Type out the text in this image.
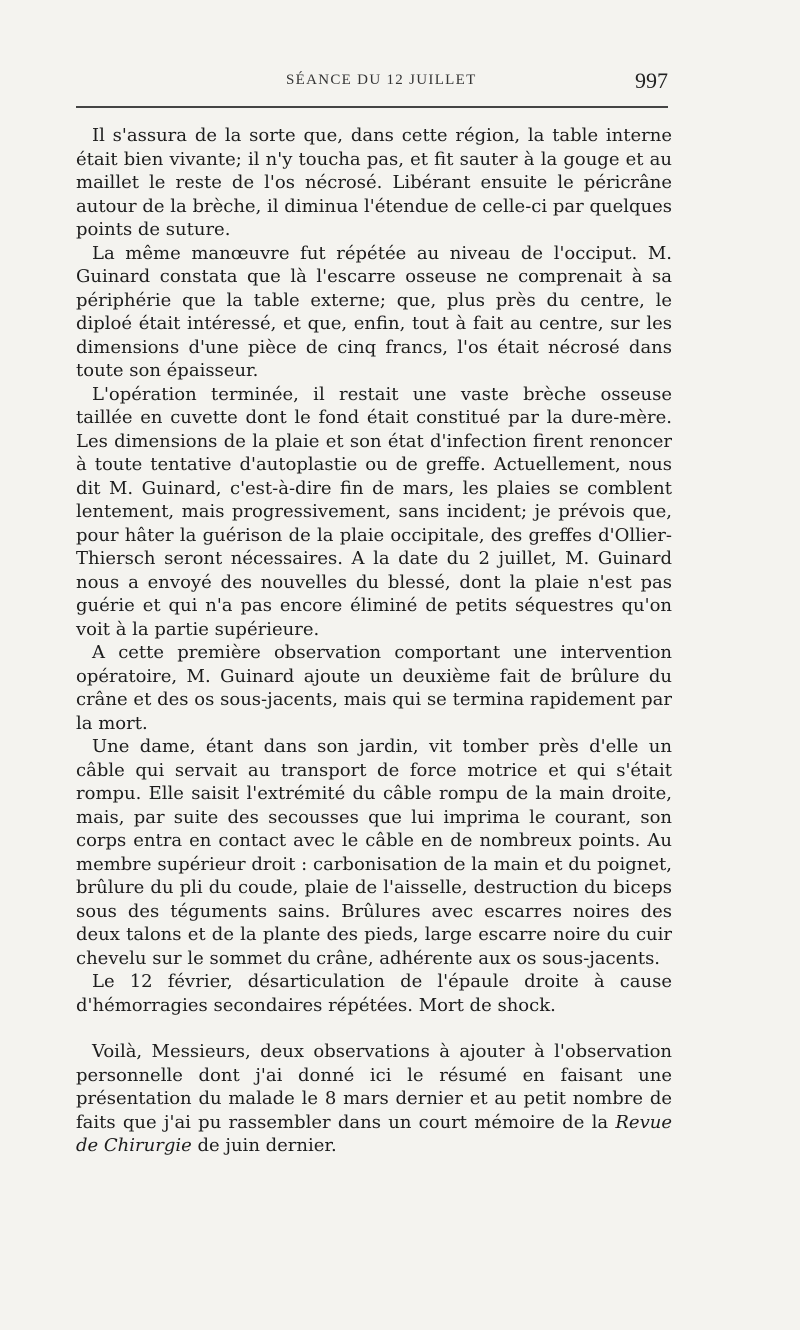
SÉANCE DU 12 JUILLET	997

Il s'assura de la sorte que, dans cette région, la table interne était bien vivante; il n'y toucha pas, et fit sauter à la gouge et au maillet le reste de l'os nécrosé. Libérant ensuite le péricrâne autour de la brèche, il diminua l'étendue de celle-ci par quelques points de suture.

La même manœuvre fut répétée au niveau de l'occiput. M. Guinard constata que là l'escarre osseuse ne comprenait à sa périphérie que la table externe; que, plus près du centre, le diploé était intéressé, et que, enfin, tout à fait au centre, sur les dimensions d'une pièce de cinq francs, l'os était nécrosé dans toute son épaisseur.

L'opération terminée, il restait une vaste brèche osseuse taillée en cuvette dont le fond était constitué par la dure-mère. Les dimensions de la plaie et son état d'infection firent renoncer à toute tentative d'autoplastie ou de greffe. Actuellement, nous dit M. Guinard, c'est-à-dire fin de mars, les plaies se comblent lentement, mais progressivement, sans incident; je prévois que, pour hâter la guérison de la plaie occipitale, des greffes d'Ollier-Thiersch seront nécessaires. A la date du 2 juillet, M. Guinard nous a envoyé des nouvelles du blessé, dont la plaie n'est pas guérie et qui n'a pas encore éliminé de petits séquestres qu'on voit à la partie supérieure.

A cette première observation comportant une intervention opératoire, M. Guinard ajoute un deuxième fait de brûlure du crâne et des os sous-jacents, mais qui se termina rapidement par la mort.

Une dame, étant dans son jardin, vit tomber près d'elle un câble qui servait au transport de force motrice et qui s'était rompu. Elle saisit l'extrémité du câble rompu de la main droite, mais, par suite des secousses que lui imprima le courant, son corps entra en contact avec le câble en de nombreux points. Au membre supérieur droit : carbonisation de la main et du poignet, brûlure du pli du coude, plaie de l'aisselle, destruction du biceps sous des téguments sains. Brûlures avec escarres noires des deux talons et de la plante des pieds, large escarre noire du cuir chevelu sur le sommet du crâne, adhérente aux os sous-jacents.

Le 12 février, désarticulation de l'épaule droite à cause d'hémorragies secondaires répétées. Mort de shock.

Voilà, Messieurs, deux observations à ajouter à l'observation personnelle dont j'ai donné ici le résumé en faisant une présentation du malade le 8 mars dernier et au petit nombre de faits que j'ai pu rassembler dans un court mémoire de la Revue de Chirurgie de juin dernier.
